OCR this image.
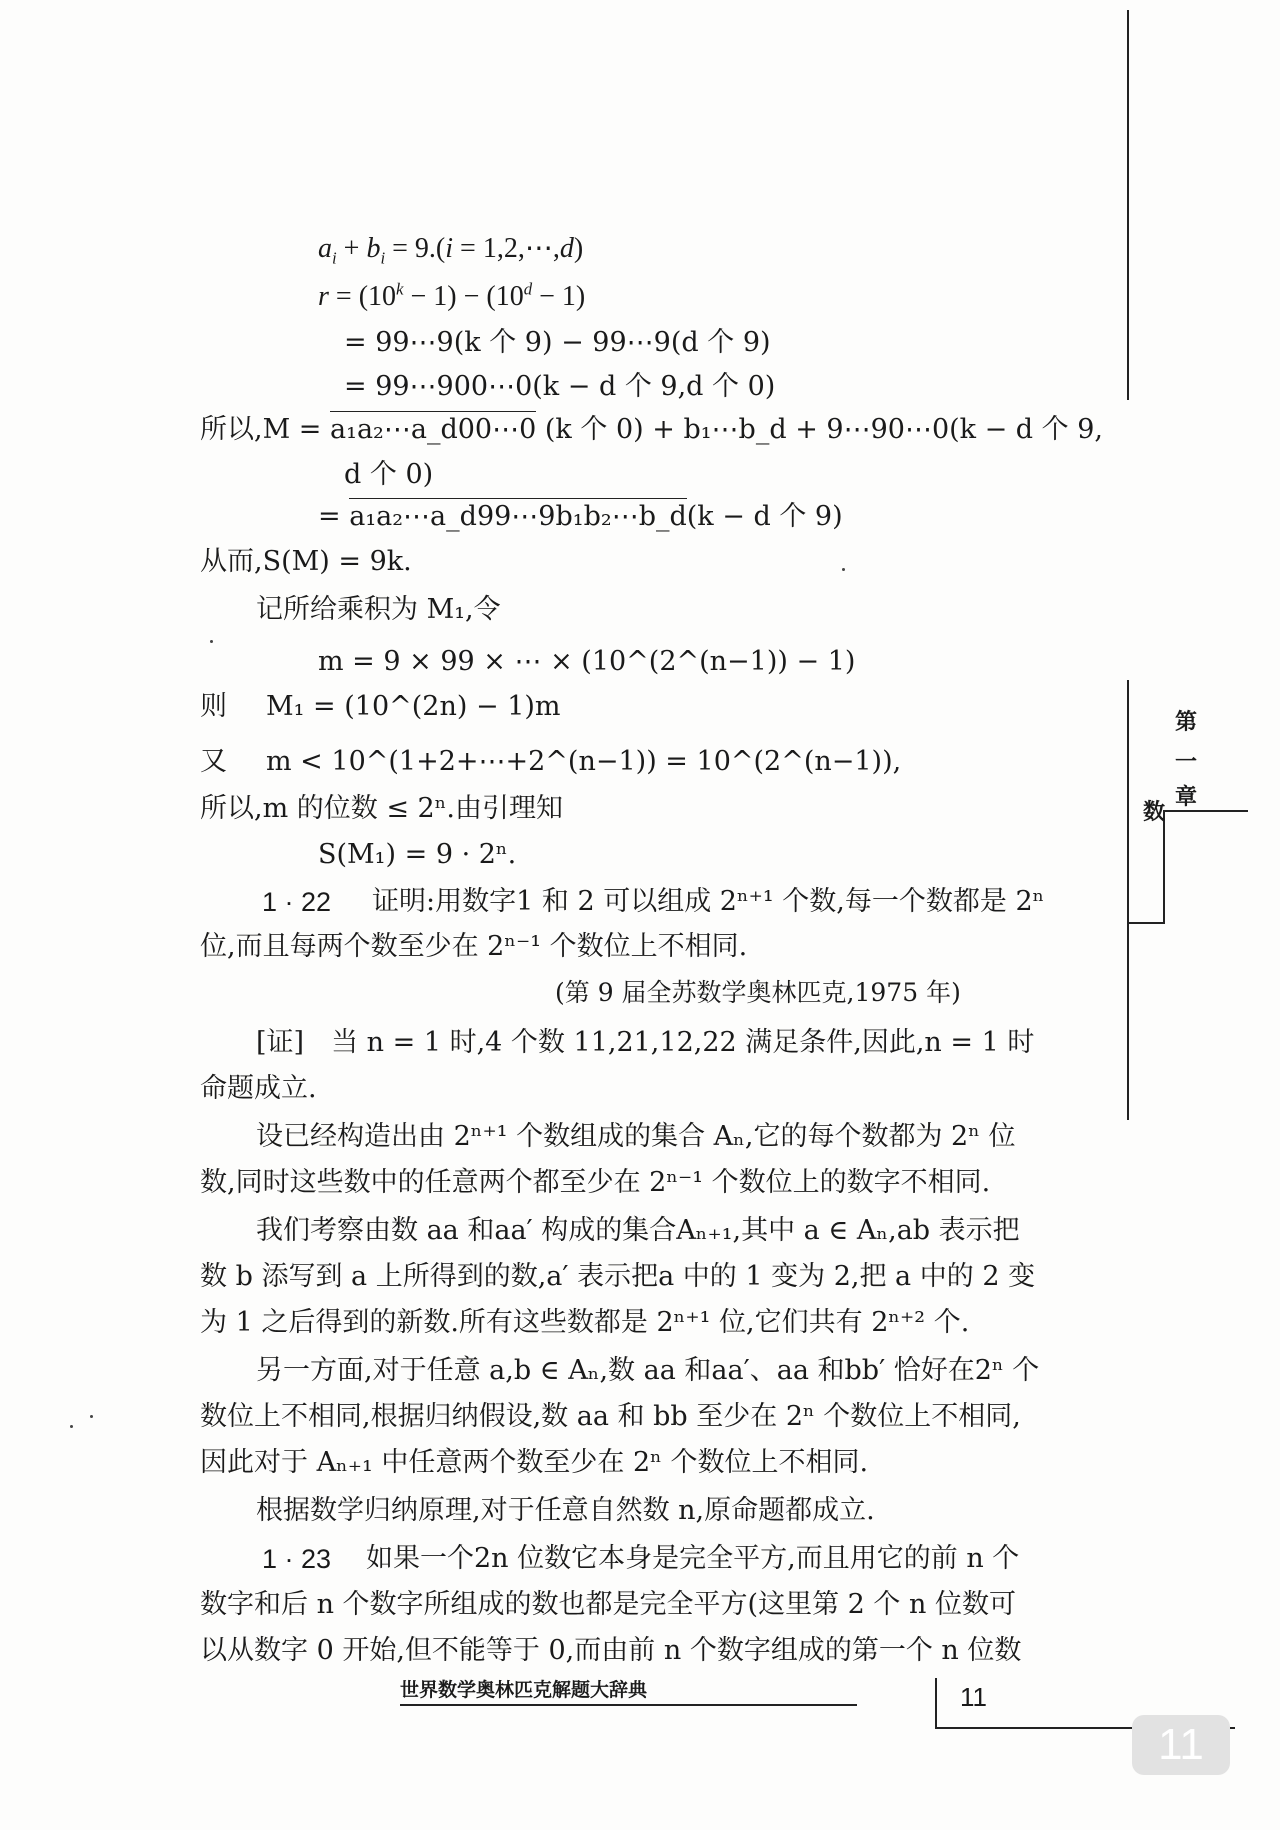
第
一
章
数
$a_i + b_i = 9.(i$ = 1,2,⋯,d)
$r = (10^k - 1) - (10^d - 1)$
= 99⋯9(k 个 9) − 99⋯9(d 个 9)
= 99⋯900⋯0(k − d 个 9,d 个 0)
所以,M = a₁a₂⋯a_d00⋯0 (k 个 0) + b₁⋯b_d + 9⋯90⋯0(k − d 个 9,
d 个 0)
= a₁a₂⋯a_d99⋯9b₁b₂⋯b_d(k − d 个 9)
从而,S(M) = 9k.
记所给乘积为 M₁,令
m = 9 × 99 × ⋯ × (10^(2^(n−1)) − 1)
则 M₁ = (10^(2n) − 1)m
又 m < 10^(1+2+⋯+2^(n−1)) = 10^(2^(n−1)),
所以,m 的位数 ≤ 2ⁿ.由引理知
S(M₁) = 9 · 2ⁿ.
1 · 22 证明:用数字1 和 2 可以组成 2ⁿ⁺¹ 个数,每一个数都是 2ⁿ
位,而且每两个数至少在 2ⁿ⁻¹ 个数位上不相同.
(第 9 届全苏数学奥林匹克,1975 年)
[证]　当 n = 1 时,4 个数 11,21,12,22 满足条件,因此,n = 1 时
命题成立.
设已经构造出由 2ⁿ⁺¹ 个数组成的集合 Aₙ,它的每个数都为 2ⁿ 位
数,同时这些数中的任意两个都至少在 2ⁿ⁻¹ 个数位上的数字不相同.
我们考察由数 aa 和aa′ 构成的集合Aₙ₊₁,其中 a ∈ Aₙ,ab 表示把
数 b 添写到 a 上所得到的数,a′ 表示把a 中的 1 变为 2,把 a 中的 2 变
为 1 之后得到的新数.所有这些数都是 2ⁿ⁺¹ 位,它们共有 2ⁿ⁺² 个.
另一方面,对于任意 a,b ∈ Aₙ,数 aa 和aa′、aa 和bb′ 恰好在2ⁿ 个
数位上不相同,根据归纳假设,数 aa 和 bb 至少在 2ⁿ 个数位上不相同,
因此对于 Aₙ₊₁ 中任意两个数至少在 2ⁿ 个数位上不相同.
根据数学归纳原理,对于任意自然数 n,原命题都成立.
1 · 23 如果一个2n 位数它本身是完全平方,而且用它的前 n 个
数字和后 n 个数字所组成的数也都是完全平方(这里第 2 个 n 位数可
以从数字 0 开始,但不能等于 0,而由前 n 个数字组成的第一个 n 位数
世界数学奥林匹克解题大辞典	11
11
